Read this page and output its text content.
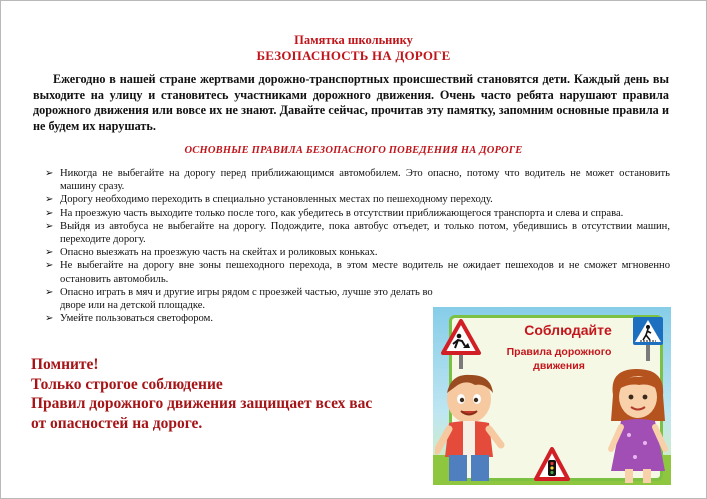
Памятка школьнику
БЕЗОПАСНОСТЬ НА ДОРОГЕ

Ежегодно в нашей стране жертвами дорожно-транспортных происшествий становятся дети. Каждый день вы выходите на улицу и становитесь участниками дорожного движения. Очень часто ребята нарушают правила дорожного движения или вовсе их не знают. Давайте сейчас, прочитав эту памятку, запомним основные правила и не будем их нарушать.

ОСНОВНЫЕ ПРАВИЛА БЕЗОПАСНОГО ПОВЕДЕНИЯ НА ДОРОГЕ
➢ Никогда не выбегайте на дорогу перед приближающимся автомобилем. Это опасно, потому что водитель не может остановить машину сразу.
➢ Дорогу необходимо переходить в специально установленных местах по пешеходному переходу.
➢ На проезжую часть выходите только после того, как убедитесь в отсутствии приближающегося транспорта и слева и справа.
➢ Выйдя из автобуса не выбегайте на дорогу. Подождите, пока автобус отъедет, и только потом, убедившись в отсутствии машин, переходите дорогу.
➢ Опасно выезжать на проезжую часть на скейтах и роликовых коньках.
➢ Не выбегайте на дорогу вне зоны пешеходного перехода, в этом месте водитель не ожидает пешеходов и не сможет мгновенно остановить автомобиль.
➢ Опасно играть в мяч и другие игры рядом с проезжей частью, лучше это делать во дворе или на детской площадке.
➢ Умейте пользоваться светофором.
Помните!
Только строгое соблюдение
Правил дорожного движения защищает всех вас
от опасностей на дороге.
Соблюдайте
Правила дорожного
движения
